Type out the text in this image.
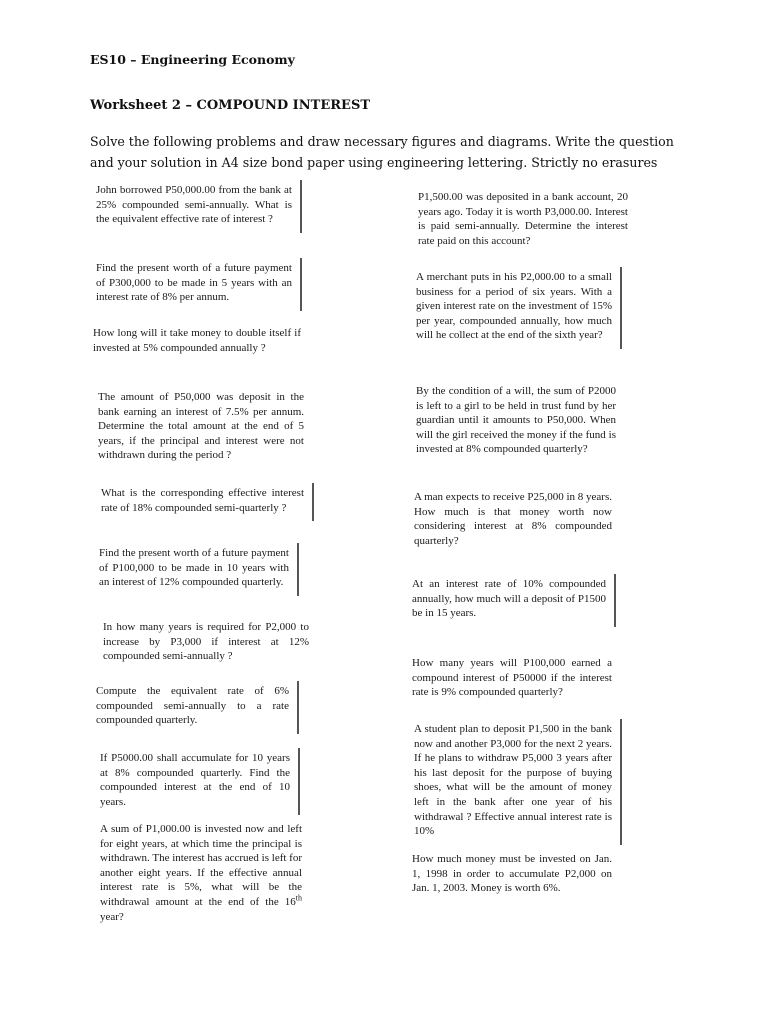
ES10 – Engineering Economy
Worksheet 2 – COMPOUND INTEREST
Solve the following problems and draw necessary figures and diagrams. Write the question and your solution in A4 size bond paper using engineering lettering. Strictly no erasures
John borrowed P50,000.00 from the bank at 25% compounded semi-annually. What is the equivalent effective rate of interest ?
Find the present worth of a future payment of P300,000 to be made in 5 years with an interest rate of 8% per annum.
How long will it take money to double itself if invested at 5% compounded annually ?
The amount of P50,000 was deposit in the bank earning an interest of 7.5% per annum. Determine the total amount at the end of 5 years, if the principal and interest were not withdrawn during the period ?
What is the corresponding effective interest rate of 18% compounded semi-quarterly ?
Find the present worth of a future payment of P100,000 to be made in 10 years with an interest of 12% compounded quarterly.
In how many years is required for P2,000 to increase by P3,000 if interest at 12% compounded semi-annually ?
Compute the equivalent rate of 6% compounded semi-annually to a rate compounded quarterly.
If P5000.00 shall accumulate for 10 years at 8% compounded quarterly. Find the compounded interest at the end of 10 years.
A sum of P1,000.00 is invested now and left for eight years, at which time the principal is withdrawn. The interest has accrued is left for another eight years. If the effective annual interest rate is 5%, what will be the withdrawal amount at the end of the 16th year?
P1,500.00 was deposited in a bank account, 20 years ago. Today it is worth P3,000.00. Interest is paid semi-annually. Determine the interest rate paid on this account?
A merchant puts in his P2,000.00 to a small business for a period of six years. With a given interest rate on the investment of 15% per year, compounded annually, how much will he collect at the end of the sixth year?
By the condition of a will, the sum of P2000 is left to a girl to be held in trust fund by her guardian until it amounts to P50,000. When will the girl received the money if the fund is invested at 8% compounded quarterly?
A man expects to receive P25,000 in 8 years. How much is that money worth now considering interest at 8% compounded quarterly?
At an interest rate of 10% compounded annually, how much will a deposit of P1500 be in 15 years.
How many years will P100,000 earned a compound interest of P50000 if the interest rate is 9% compounded quarterly?
A student plan to deposit P1,500 in the bank now and another P3,000 for the next 2 years. If he plans to withdraw P5,000 3 years after his last deposit for the purpose of buying shoes, what will be the amount of money left in the bank after one year of his withdrawal ? Effective annual interest rate is 10%
How much money must be invested on Jan. 1, 1998 in order to accumulate P2,000 on Jan. 1, 2003. Money is worth 6%.
